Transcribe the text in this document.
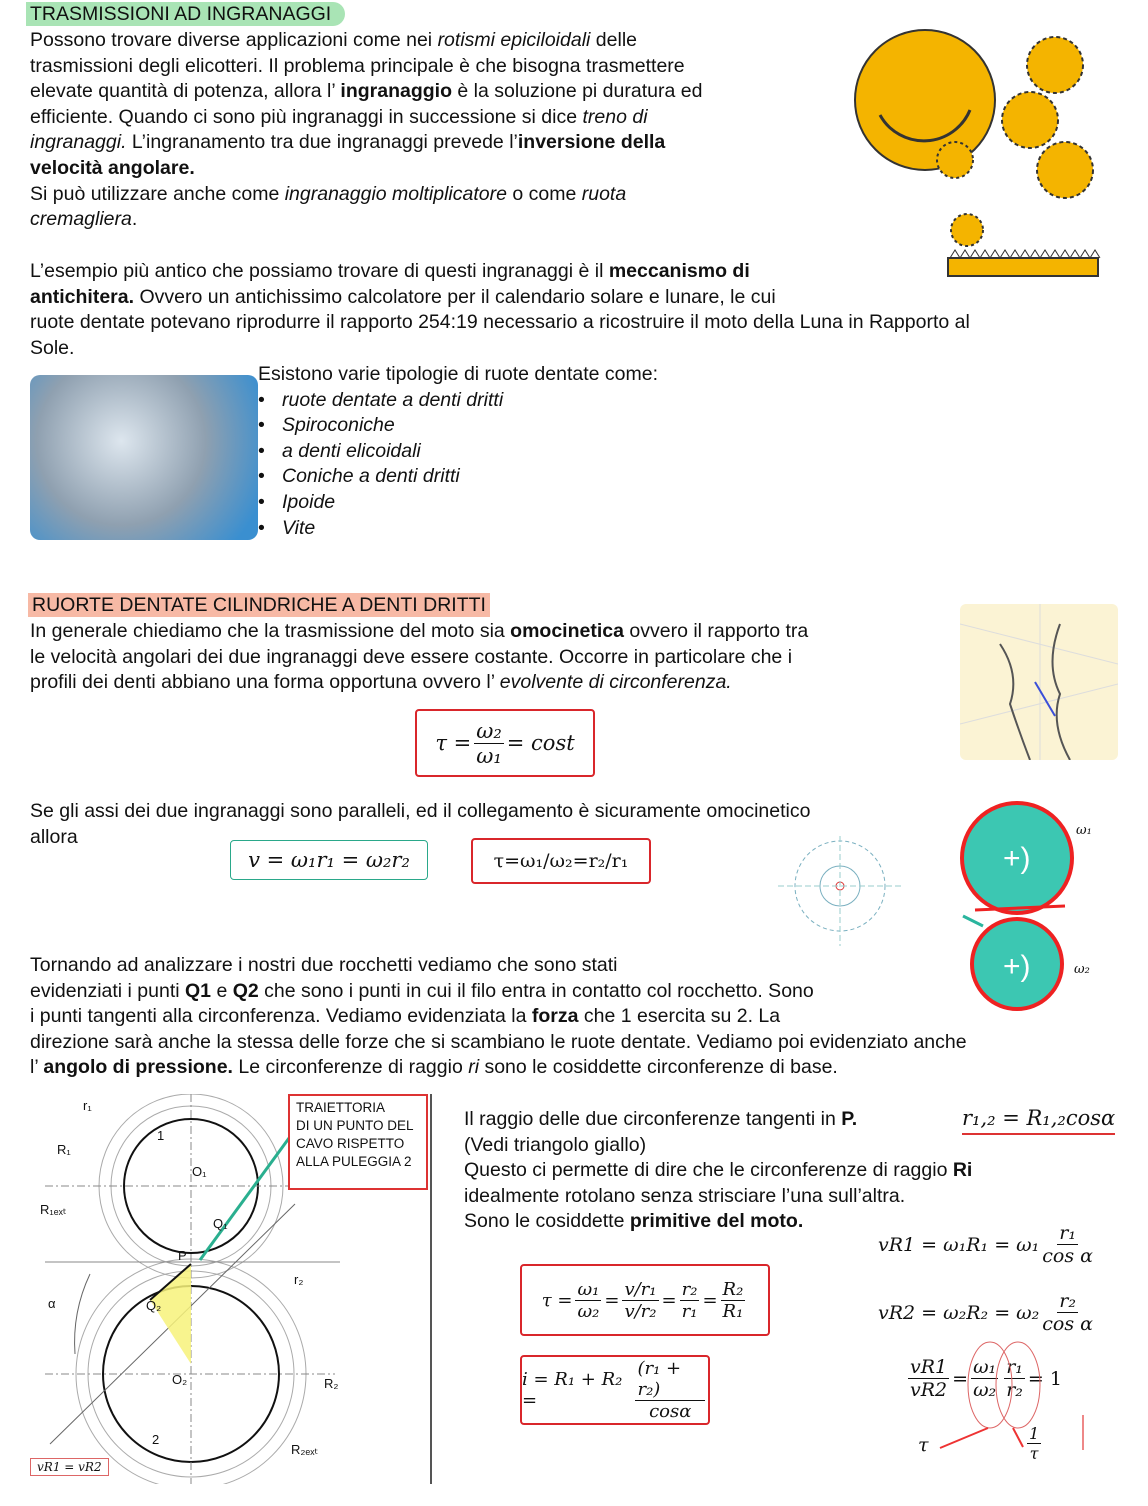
TRASMISSIONI AD INGRANAGGI
Possono trovare diverse applicazioni come nei rotismi epiciloidali delle
trasmissioni degli elicotteri. Il problema principale è che bisogna trasmettere
elevate quantità di potenza, allora l’ ingranaggio è la soluzione pi duratura ed
efficiente. Quando ci sono più ingranaggi in successione si dice treno di
ingranaggi. L’ingranamento tra due ingranaggi prevede l’inversione della
velocità angolare.
Si può utilizzare anche come ingranaggio moltiplicatore o come ruota
cremagliera.
L’esempio più antico che possiamo trovare di questi ingranaggi è il meccanismo di
antichitera. Ovvero un antichissimo calcolatore per il calendario solare e lunare, le cui
ruote dentate potevano riprodurre il rapporto 254:19 necessario a ricostruire il moto della Luna in Rapporto al
Sole.
Esistono varie tipologie di ruote dentate come:
• ruote dentate a denti dritti
• Spiroconiche
• a denti elicoidali
• Coniche a denti dritti
• Ipoide
• Vite
RUORTE DENTATE CILINDRICHE A DENTI DRITTI
In generale chiediamo che la trasmissione del moto sia omocinetica ovvero il rapporto tra
le velocità angolari dei due ingranaggi deve essere costante. Occorre in particolare che i
profili dei denti abbiano una forma opportuna ovvero l’ evolvente di circonferenza.
$\tau = \frac{\text{ω₂}}{\text{ω₁}} = \cos t$
Se gli assi dei due ingranaggi sono paralleli, ed il collegamento è sicuramente omocinetico
allora
v = ω₁r₁ = ω₂r₂	τ=ω₁/ω₂=r₂/r₁	+)
+)
ω₁
ω₂
Tornando ad analizzare i nostri due rocchetti vediamo che sono stati
evidenziati i punti Q1 e Q2 che sono i punti in cui il filo entra in contatto col rocchetto. Sono
i punti tangenti alla circonferenza. Vediamo evidenziata la forza che 1 esercita su 2. La
direzione sarà anche la stessa delle forze che si scambiano le ruote dentate. Vediamo poi evidenziato anche
l’ angolo di pressione. Le circonferenze di raggio ri sono le cosiddette circonferenze di base.
TRAIETTORIA
DI UN PUNTO DEL
CAVO RISPETTO
ALLA PULEGGIA 2
r₁
R₁
R₁ₑₓₜ
1
O₁
Q₁
P
α	Q₂
r₂
O₂	R₂
2
R₂ₑₓₜ
vR1 = vR2
Il raggio delle due circonferenze tangenti in P.
(Vedi triangolo giallo)
Questo ci permette di dire che le circonferenze di raggio Ri
idealmente rotolano senza strisciare l’una sull’altra.
Sono le cosiddette primitive del moto.
r₁,₂ = R₁,₂cosα
$\tau = \frac{\text{ω₁}}{\text{ω₂}} = \frac{\text{v/r₁}}{\text{v/r₂}} = \frac{\text{r₂}}{\text{r₁}} = \frac{\text{R₂}}{\text{R₁}}$
i = R₁ + R₂ =	$\frac{\text{(r₁ + r₂)}}{\cos\alpha}$
$vR1 = \omega_1R_1 = \omega_1 \frac{\text{r₁}}{\text{cos α}}$
$vR2 = \omega_2R_2 = \omega_2 \frac{\text{r₂}}{\text{cos α}}$
$\frac{vR1}{vR2} = \frac{\text{ω₁}}{\text{ω₂}} \frac{\text{r₁}}{\text{r₂}} = 1$
τ	$\frac{1}{\tau}$
